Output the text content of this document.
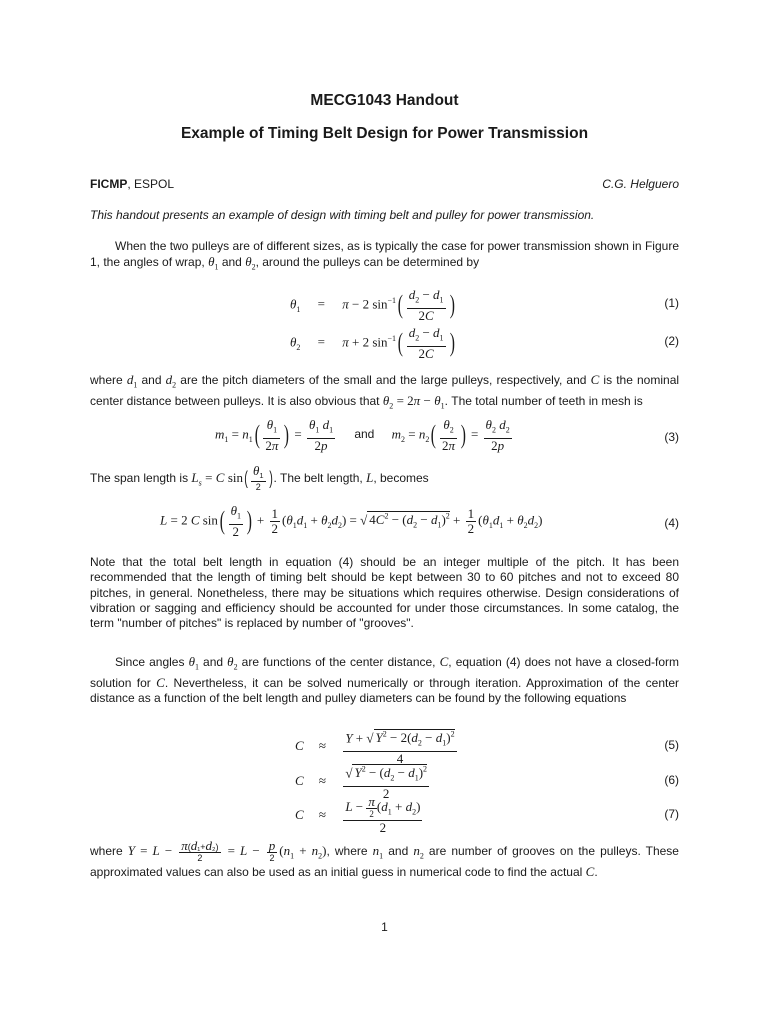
MECG1043 Handout
Example of Timing Belt Design for Power Transmission
FICMP, ESPOL	C.G. Helguero
This handout presents an example of design with timing belt and pulley for power transmission.
When the two pulleys are of different sizes, as is typically the case for power transmission shown in Figure 1, the angles of wrap, $\theta_1$ and $\theta_2$, around the pulleys can be determined by
$\theta_1 = \pi - 2$ $\sin^{-1}( \frac{d_2 - d_1}{2C}$ )	(1)
$\theta_2 = \pi + 2$ $\sin^{-1}( \frac{d_2 - d_1}{2C}$ )	(2)
where $d_1$ and $d_2$ are the pitch diameters of the small and the large pulleys, respectively, and C is the nominal center distance between pulleys. It is also obvious that $\theta_2 = 2\pi - \theta_1$. The total number of teeth in mesh is
$m_1 = n_1( \frac{\theta_1}{2\pi}$ ) = $\frac{\theta_1 d_1}{2p}$ and $m_2 = n_2( \frac{\theta_2}{2\pi}$ ) = $\frac{\theta_2 d_2}{2p}$	(3)
The span length is $L_s = C$ $\sin( \frac{\theta_1}{2}$ ). The belt length, L, becomes
L = 2 C $\sin( \frac{\theta_1}{2}$ ) + $\frac{1}{2} (\theta_1d_1 + \theta_2d_2)$ = √ $4C^2 - (d_2 - d_1)^2 + \frac{1}{2} (\theta_1d_1 + \theta_2d_2)$	(4)
Note that the total belt length in equation (4) should be an integer multiple of the pitch. It has been recommended that the length of timing belt should be kept between 30 to 60 pitches and not to exceed 80 pitches, in general. Nonetheless, there may be situations which requires otherwise. Design considerations of vibration or sagging and efficiency should be accounted for under those circumstances. In some catalog, the term "number of pitches" is replaced by number of "grooves".
Since angles $\theta_1$ and $\theta_2$ are functions of the center distance, C, equation (4) does not have a closed-form solution for C. Nevertheless, it can be solved numerically or through iteration. Approximation of the center distance as a function of the belt length and pulley diameters can be found by the following equations
$C \approx \frac{Y + √ Y^2 - 2(d_2 - d_1)^2}{4}$	(5)
$C \approx \frac{√ Y^2 - (d_2 - d_1)^2}{2}$	(6)
$C \approx \frac{L - \frac{\pi}{2} (d_1 + d_2)}{2}$	(7)
where $Y = L - \frac{\text{π(d₁+d₂)}}{2} = L - \frac{p}{2} (n_1 + n_2)$, where $n_1$ and $n_2$ are number of grooves on the pulleys. These approximated values can also be used as an initial guess in numerical code to find the actual C.
1
